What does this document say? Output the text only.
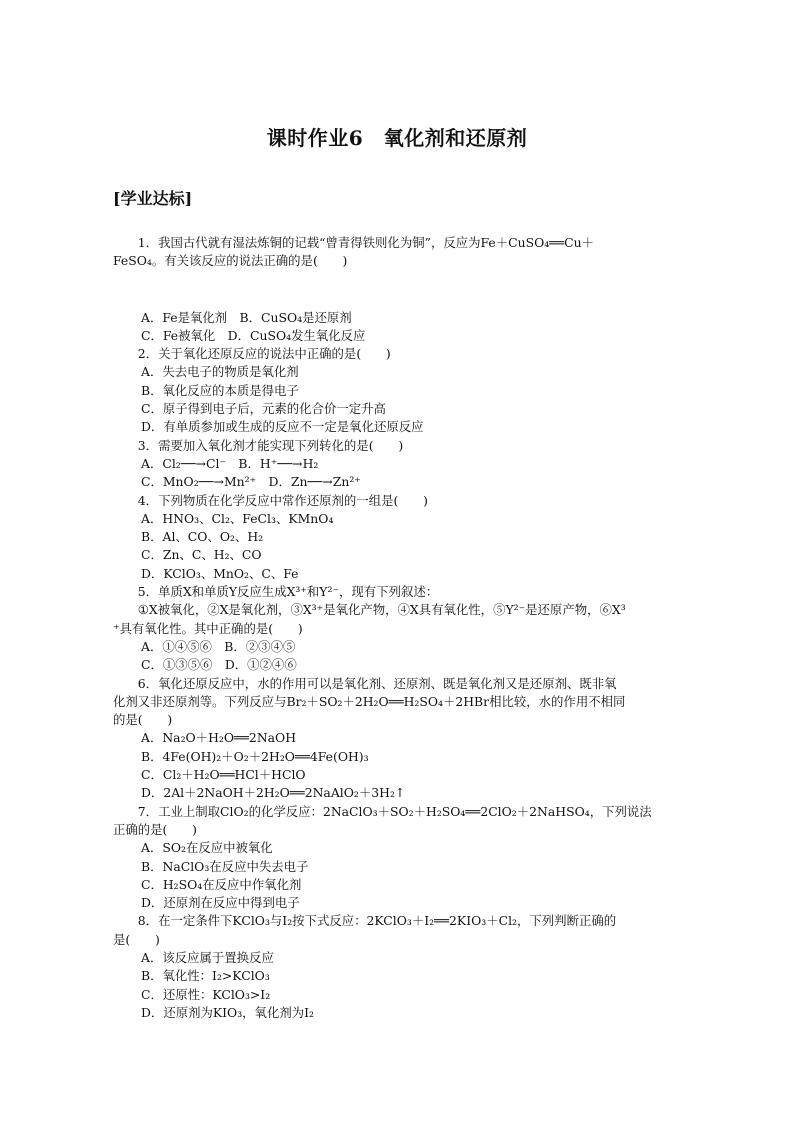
课时作业6　氧化剂和还原剂
[学业达标]

1．我国古代就有湿法炼铜的记载“曾青得铁则化为铜”，反应为Fe＋CuSO₄══Cu＋

FeSO₄。有关该反应的说法正确的是(　　)

A．Fe是氧化剂　B．CuSO₄是还原剂

C．Fe被氧化　D．CuSO₄发生氧化反应

2．关于氧化还原反应的说法中正确的是(　　)

A．失去电子的物质是氧化剂

B．氧化反应的本质是得电子

C．原子得到电子后，元素的化合价一定升高

D．有单质参加或生成的反应不一定是氧化还原反应

3．需要加入氧化剂才能实现下列转化的是(　　)

A．Cl₂──→Cl⁻　B．H⁺──→H₂

C．MnO₂──→Mn²⁺　D．Zn──→Zn²⁺

4．下列物质在化学反应中常作还原剂的一组是(　　)

A．HNO₃、Cl₂、FeCl₃、KMnO₄

B．Al、CO、O₂、H₂

C．Zn、C、H₂、CO

D．KClO₃、MnO₂、C、Fe

5．单质X和单质Y反应生成X³⁺和Y²⁻，现有下列叙述：

①X被氧化，②X是氧化剂，③X³⁺是氧化产物，④X具有氧化性，⑤Y²⁻是还原产物，⑥X³

⁺具有氧化性。其中正确的是(　　)

A．①④⑤⑥　B．②③④⑤

C．①③⑤⑥　D．①②④⑥

6．氧化还原反应中，水的作用可以是氧化剂、还原剂、既是氧化剂又是还原剂、既非氧

化剂又非还原剂等。下列反应与Br₂＋SO₂＋2H₂O══H₂SO₄＋2HBr相比较，水的作用不相同

的是(　　)

A．Na₂O＋H₂O══2NaOH

B．4Fe(OH)₂＋O₂＋2H₂O══4Fe(OH)₃

C．Cl₂＋H₂O══HCl＋HClO

D．2Al＋2NaOH＋2H₂O══2NaAlO₂＋3H₂↑

7．工业上制取ClO₂的化学反应：2NaClO₃＋SO₂＋H₂SO₄══2ClO₂＋2NaHSO₄，下列说法

正确的是(　　)

A．SO₂在反应中被氧化

B．NaClO₃在反应中失去电子

C．H₂SO₄在反应中作氧化剂

D．还原剂在反应中得到电子

8．在一定条件下KClO₃与I₂按下式反应：2KClO₃＋I₂══2KIO₃＋Cl₂，下列判断正确的

是(　　)

A．该反应属于置换反应

B．氧化性：I₂>KClO₃

C．还原性：KClO₃>I₂

D．还原剂为KIO₃，氧化剂为I₂
